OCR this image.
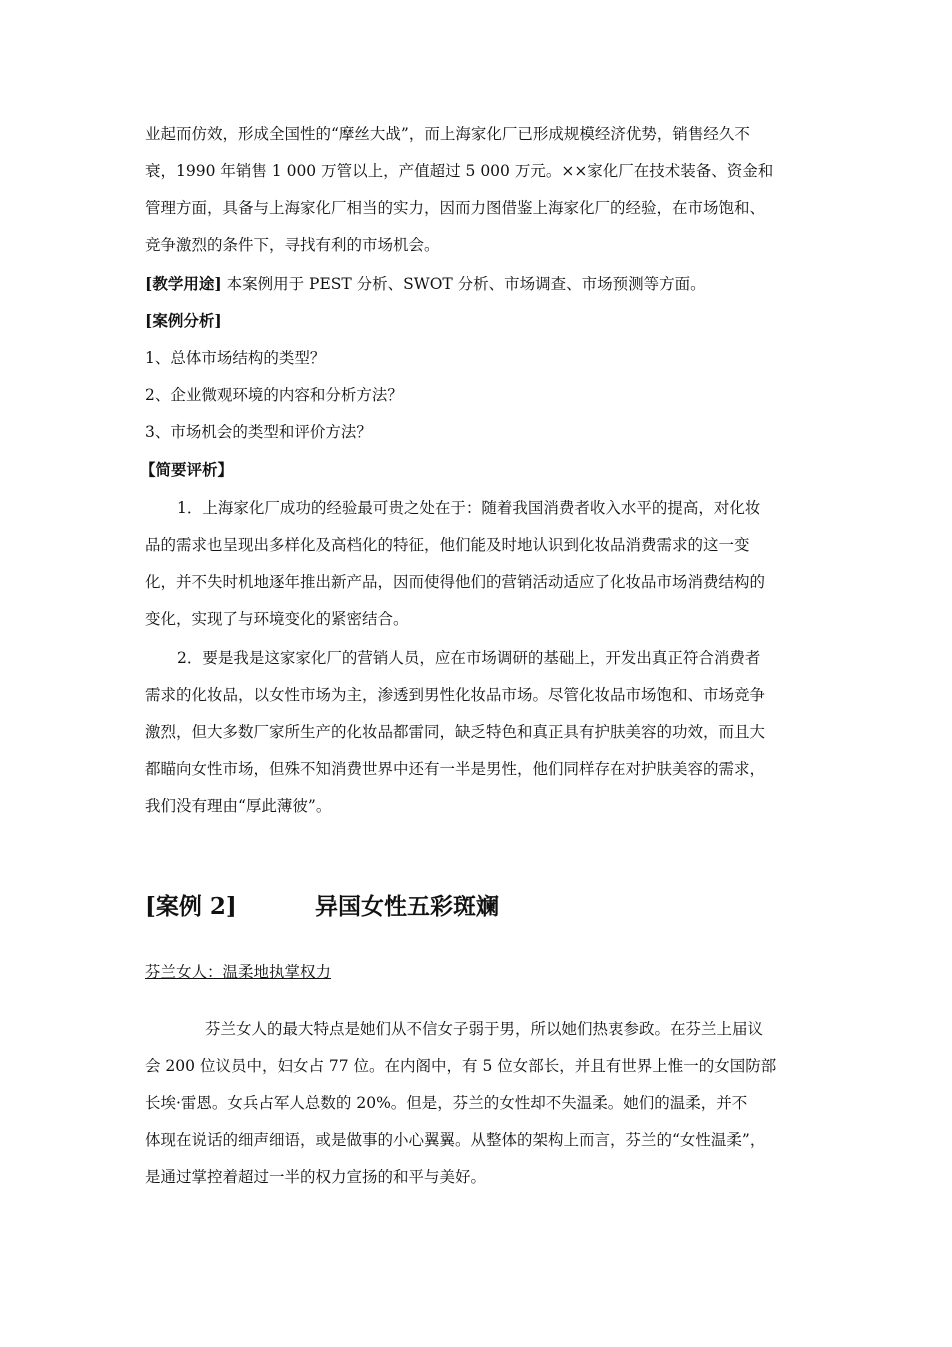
业起而仿效，形成全国性的“摩丝大战”，而上海家化厂已形成规模经济优势，销售经久不
衰，1990 年销售 1 000 万管以上，产值超过 5 000 万元。××家化厂在技术装备、资金和
管理方面，具备与上海家化厂相当的实力，因而力图借鉴上海家化厂的经验，在市场饱和、
竞争激烈的条件下，寻找有利的市场机会。
[教学用途] 本案例用于 PEST 分析、SWOT 分析、市场调查、市场预测等方面。
[案例分析]
1、总体市场结构的类型？
2、企业微观环境的内容和分析方法？
3、市场机会的类型和评价方法？
【简要评析】
1．上海家化厂成功的经验最可贵之处在于：随着我国消费者收入水平的提高，对化妆
品的需求也呈现出多样化及高档化的特征，他们能及时地认识到化妆品消费需求的这一变
化，并不失时机地逐年推出新产品，因而使得他们的营销活动适应了化妆品市场消费结构的
变化，实现了与环境变化的紧密结合。
2．要是我是这家家化厂的营销人员，应在市场调研的基础上，开发出真正符合消费者
需求的化妆品，以女性市场为主，渗透到男性化妆品市场。尽管化妆品市场饱和、市场竞争
激烈，但大多数厂家所生产的化妆品都雷同，缺乏特色和真正具有护肤美容的功效，而且大
都瞄向女性市场，但殊不知消费世界中还有一半是男性，他们同样存在对护肤美容的需求，
我们没有理由“厚此薄彼”。
[案例 2]	异国女性五彩斑斓
芬兰女人：温柔地执掌权力
芬兰女人的最大特点是她们从不信女子弱于男，所以她们热衷参政。在芬兰上届议
会 200 位议员中，妇女占 77 位。在内阁中，有 5 位女部长，并且有世界上惟一的女国防部
长埃·雷恩。女兵占军人总数的 20%。但是，芬兰的女性却不失温柔。她们的温柔，并不
体现在说话的细声细语，或是做事的小心翼翼。从整体的架构上而言，芬兰的“女性温柔”，
是通过掌控着超过一半的权力宣扬的和平与美好。
